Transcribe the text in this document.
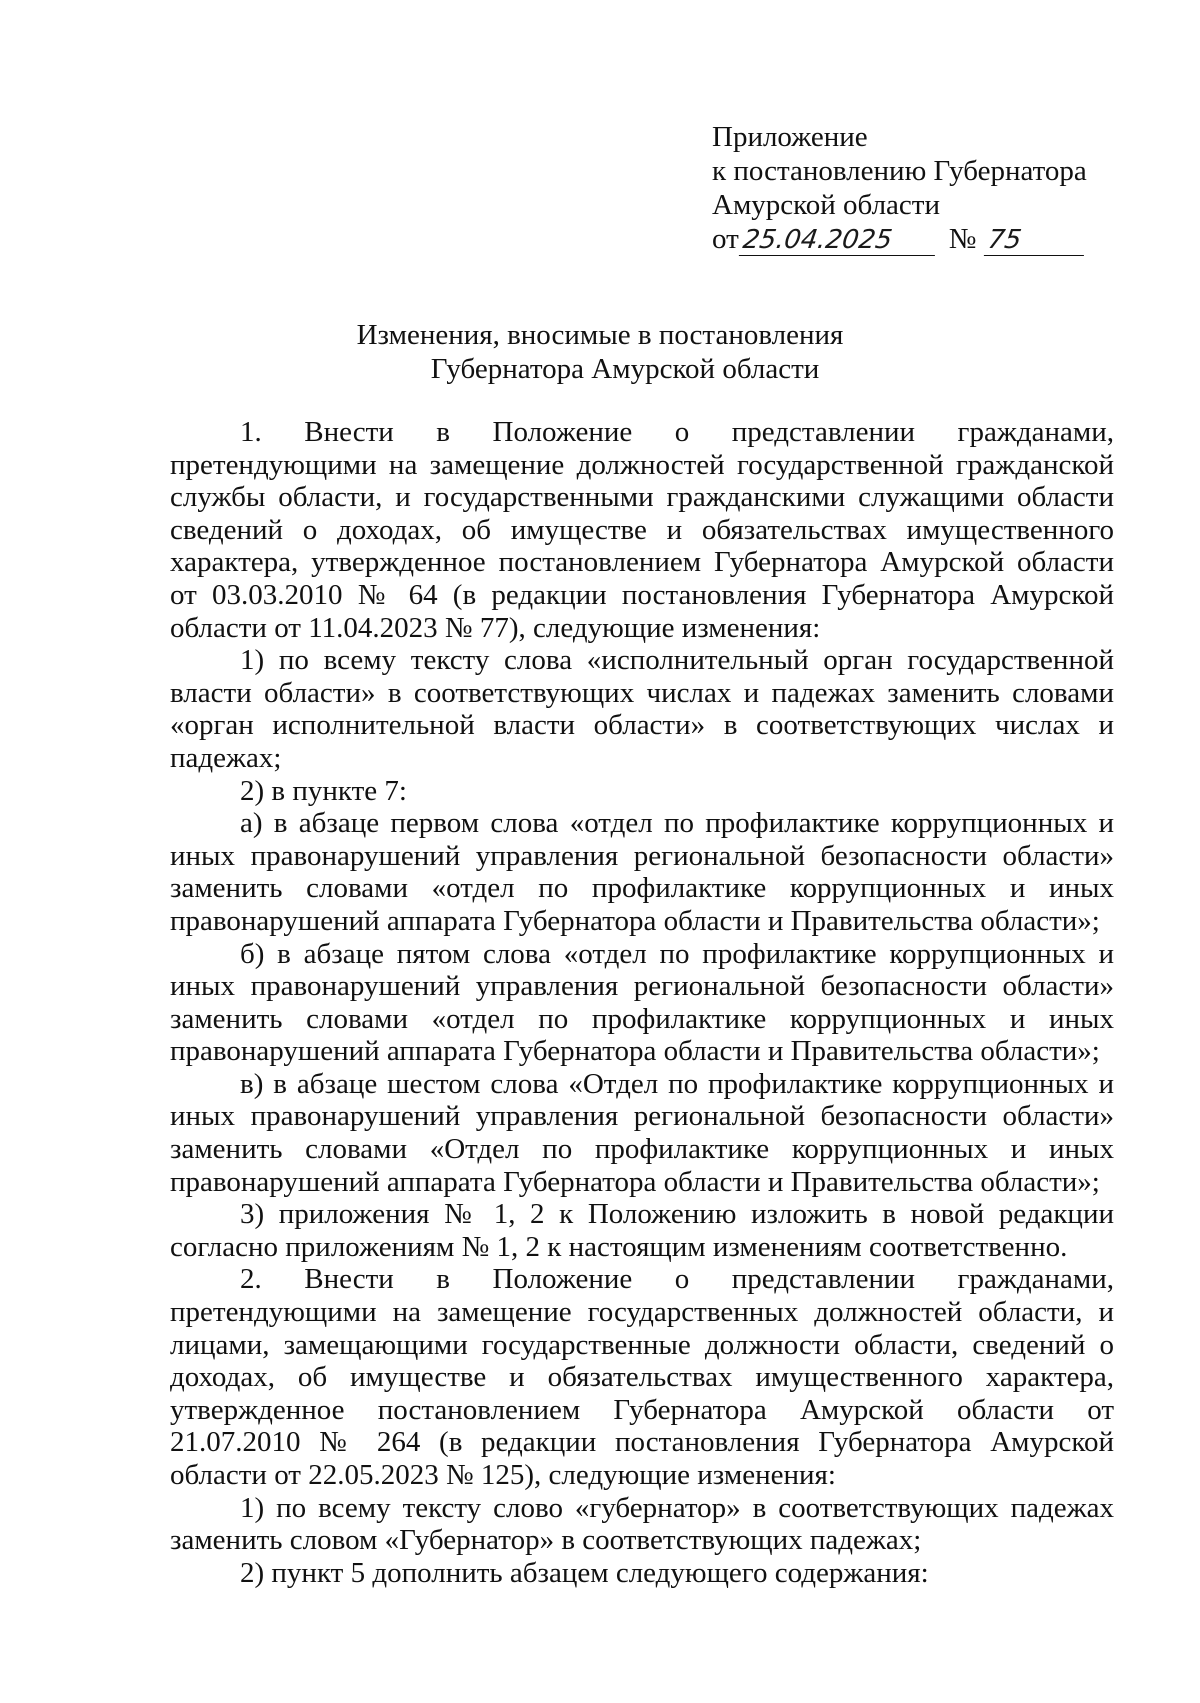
Приложение
к постановлению Губернатора
Амурской области
от 25.04.2025	№ 75
Изменения, вносимые в постановления
Губернатора Амурской области

1. Внести в Положение о представлении гражданами, претендующими на замещение должностей государственной гражданской службы области, и государственными гражданскими служащими области сведений о доходах, об имуществе и обязательствах имущественного характера, утвержденное постановлением Губернатора Амурской области от 03.03.2010 № 64 (в редакции постановления Губернатора Амурской области от 11.04.2023 № 77), следующие изменения:

1) по всему тексту слова «исполнительный орган государственной власти области» в соответствующих числах и падежах заменить словами «орган исполнительной власти области» в соответствующих числах и падежах;

2) в пункте 7:

а) в абзаце первом слова «отдел по профилактике коррупционных и иных правонарушений управления региональной безопасности области» заменить словами «отдел по профилактике коррупционных и иных правонарушений аппарата Губернатора области и Правительства области»;

б) в абзаце пятом слова «отдел по профилактике коррупционных и иных правонарушений управления региональной безопасности области» заменить словами «отдел по профилактике коррупционных и иных правонарушений аппарата Губернатора области и Правительства области»;

в) в абзаце шестом слова «Отдел по профилактике коррупционных и иных правонарушений управления региональной безопасности области» заменить словами «Отдел по профилактике коррупционных и иных правонарушений аппарата Губернатора области и Правительства области»;

3) приложения № 1, 2 к Положению изложить в новой редакции согласно приложениям № 1, 2 к настоящим изменениям соответственно.

2. Внести в Положение о представлении гражданами, претендующими на замещение государственных должностей области, и лицами, замещающими государственные должности области, сведений о доходах, об имуществе и обязательствах имущественного характера, утвержденное постановлением Губернатора Амурской области от 21.07.2010 № 264 (в редакции постановления Губернатора Амурской области от 22.05.2023 № 125), следующие изменения:

1) по всему тексту слово «губернатор» в соответствующих падежах заменить словом «Губернатор» в соответствующих падежах;

2) пункт 5 дополнить абзацем следующего содержания:
